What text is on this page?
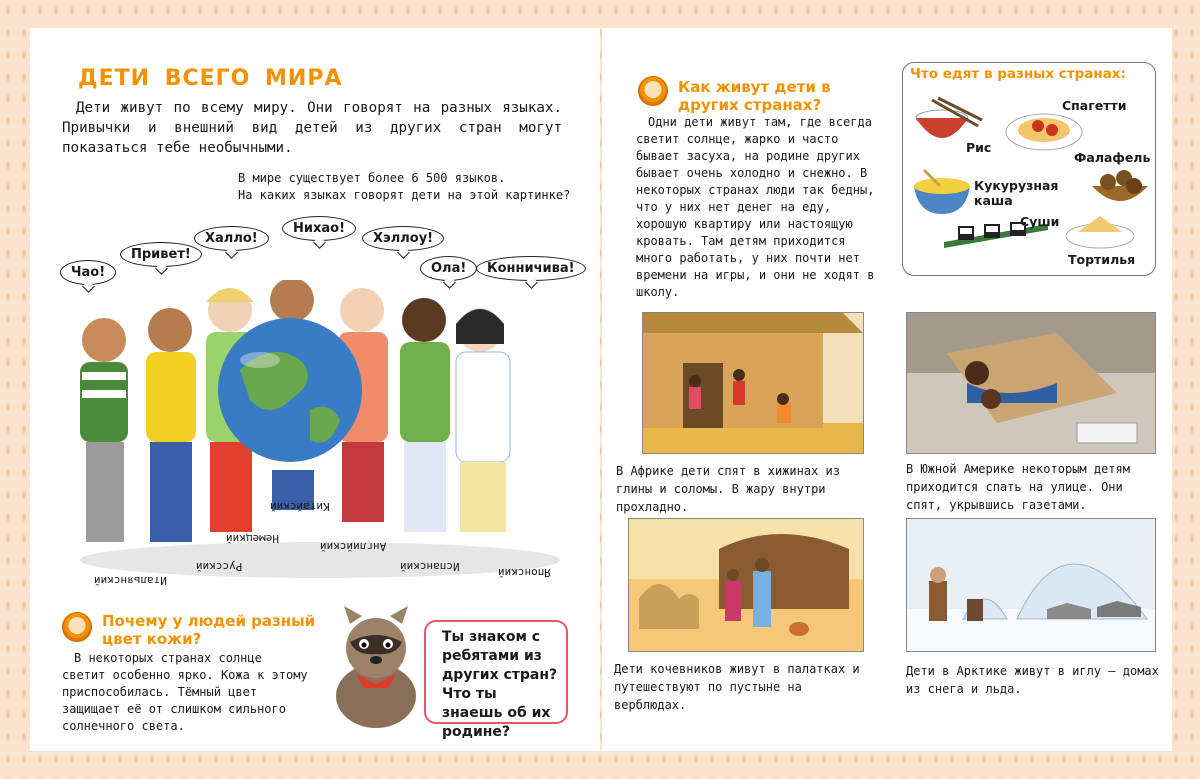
ДЕТИ ВСЕГО МИРА
Дети живут по всему миру. Они говорят на разных языках. Привычки и внешний вид детей из других стран могут показаться тебе необычными.
В мире существует более 6 500 языков.
На каких языках говорят дети на этой картинке?
Чао!
Привет!
Халло!
Нихао!
Хэллоу!
Ола!	Конничива!
Итальянский
Русский
Немецкий
Китайский
Английский
Испанский	Японский
Почему у людей разный цвет кожи?
В некоторых странах солнце светит особенно ярко. Кожа к этому приспособилась. Тёмный цвет защищает её от слишком сильного солнечного света.
Ты знаком с ребятами из других стран? Что ты знаешь об их родине?
Как живут дети в других странах?
Одни дети живут там, где всегда светит солнце, жарко и часто бывает засуха, на родине других бывает очень холодно и снежно. В некоторых странах люди так бедны, что у них нет денег на еду, хорошую квартиру или настоящую кровать. Там детям приходится много работать, у них почти нет времени на игры, и они не ходят в школу.
Что едят в разных странах:
Рис
Спагетти
Фалафель
Кукурузная каша
Суши
Тортилья
В Африке дети спят в хижинах из глины и соломы. В жару внутри прохладно.
В Южной Америке некоторым детям приходится спать на улице. Они спят, укрывшись газетами.
Дети кочевников живут в палатках и путешествуют по пустыне на верблюдах.
Дети в Арктике живут в иглу — домах из снега и льда.
